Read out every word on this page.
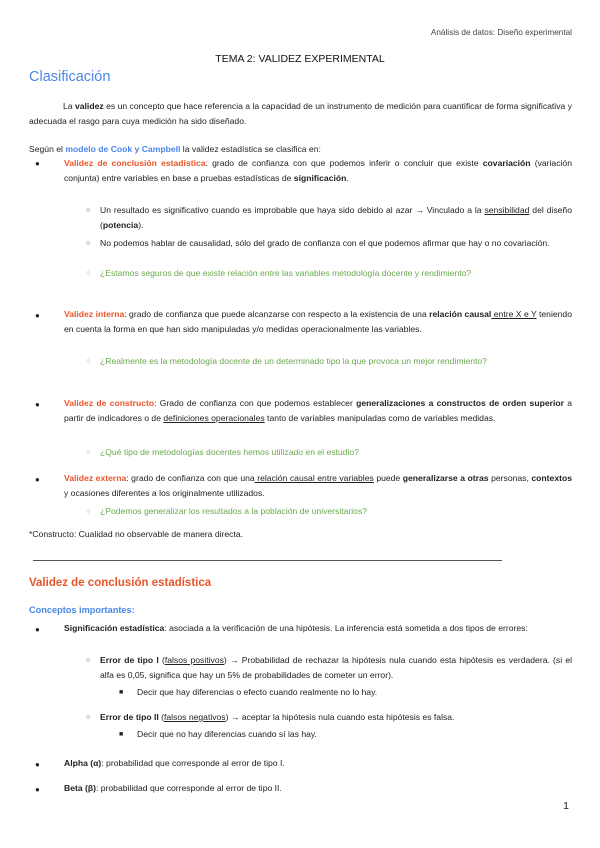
Análisis de datos: Diseño experimental
TEMA 2: VALIDEZ EXPERIMENTAL
Clasificación
La validez es un concepto que hace referencia a la capacidad de un instrumento de medición para cuantificar de forma significativa y adecuada el rasgo para cuya medición ha sido diseñado.
Según el modelo de Cook y Campbell la validez estadística se clasifica en:
●	Validez de conclusión estadística: grado de confianza con que podemos inferir o concluir que existe covariación (variación conjunta) entre variables en base a pruebas estadísticas de significación.
○ Un resultado es significativo cuando es improbable que haya sido debido al azar → Vinculado a la sensibilidad del diseño (potencia).
○ No podemos hablar de causalidad, sólo del grado de confianza con el que podemos afirmar que hay o no covariación.
○ ¿Estamos seguros de que existe relación entre las variables metodología docente y rendimiento?
●	Validez interna: grado de confianza que puede alcanzarse con respecto a la existencia de una relación causal entre X e Y teniendo en cuenta la forma en que han sido manipuladas y/o medidas operacionalmente las variables.
○ ¿Realmente es la metodología docente de un determinado tipo la que provoca un mejor rendimiento?
●	Validez de constructo: Grado de confianza con que podemos establecer generalizaciones a constructos de orden superior a partir de indicadores o de definiciones operacionales tanto de variables manipuladas como de variables medidas.
○ ¿Qué tipo de metodologías docentes hemos utilizado en el estudio?
●	Validez externa: grado de confianza con que una relación causal entre variables puede generalizarse a otras personas, contextos y ocasiones diferentes a los originalmente utilizados.
○ ¿Podemos generalizar los resultados a la población de universitarios?
*Constructo: Cualidad no observable de manera directa.
Validez de conclusión estadística
Conceptos importantes:
●	Significación estadística: asociada a la verificación de una hipótesis. La inferencia está sometida a dos tipos de errores:
○ Error de tipo I (falsos positivos) → Probabilidad de rechazar la hipótesis nula cuando esta hipótesis es verdadera. (si el alfa es 0,05, significa que hay un 5% de probabilidades de cometer un error).
■ Decir que hay diferencias o efecto cuando realmente no lo hay.
○ Error de tipo II (falsos negativos) → aceptar la hipótesis nula cuando esta hipótesis es falsa.
■ Decir que no hay diferencias cuando sí las hay.
●	Alpha (α): probabilidad que corresponde al error de tipo I.
●	Beta (β): probabilidad que corresponde al error de tipo II.
1
